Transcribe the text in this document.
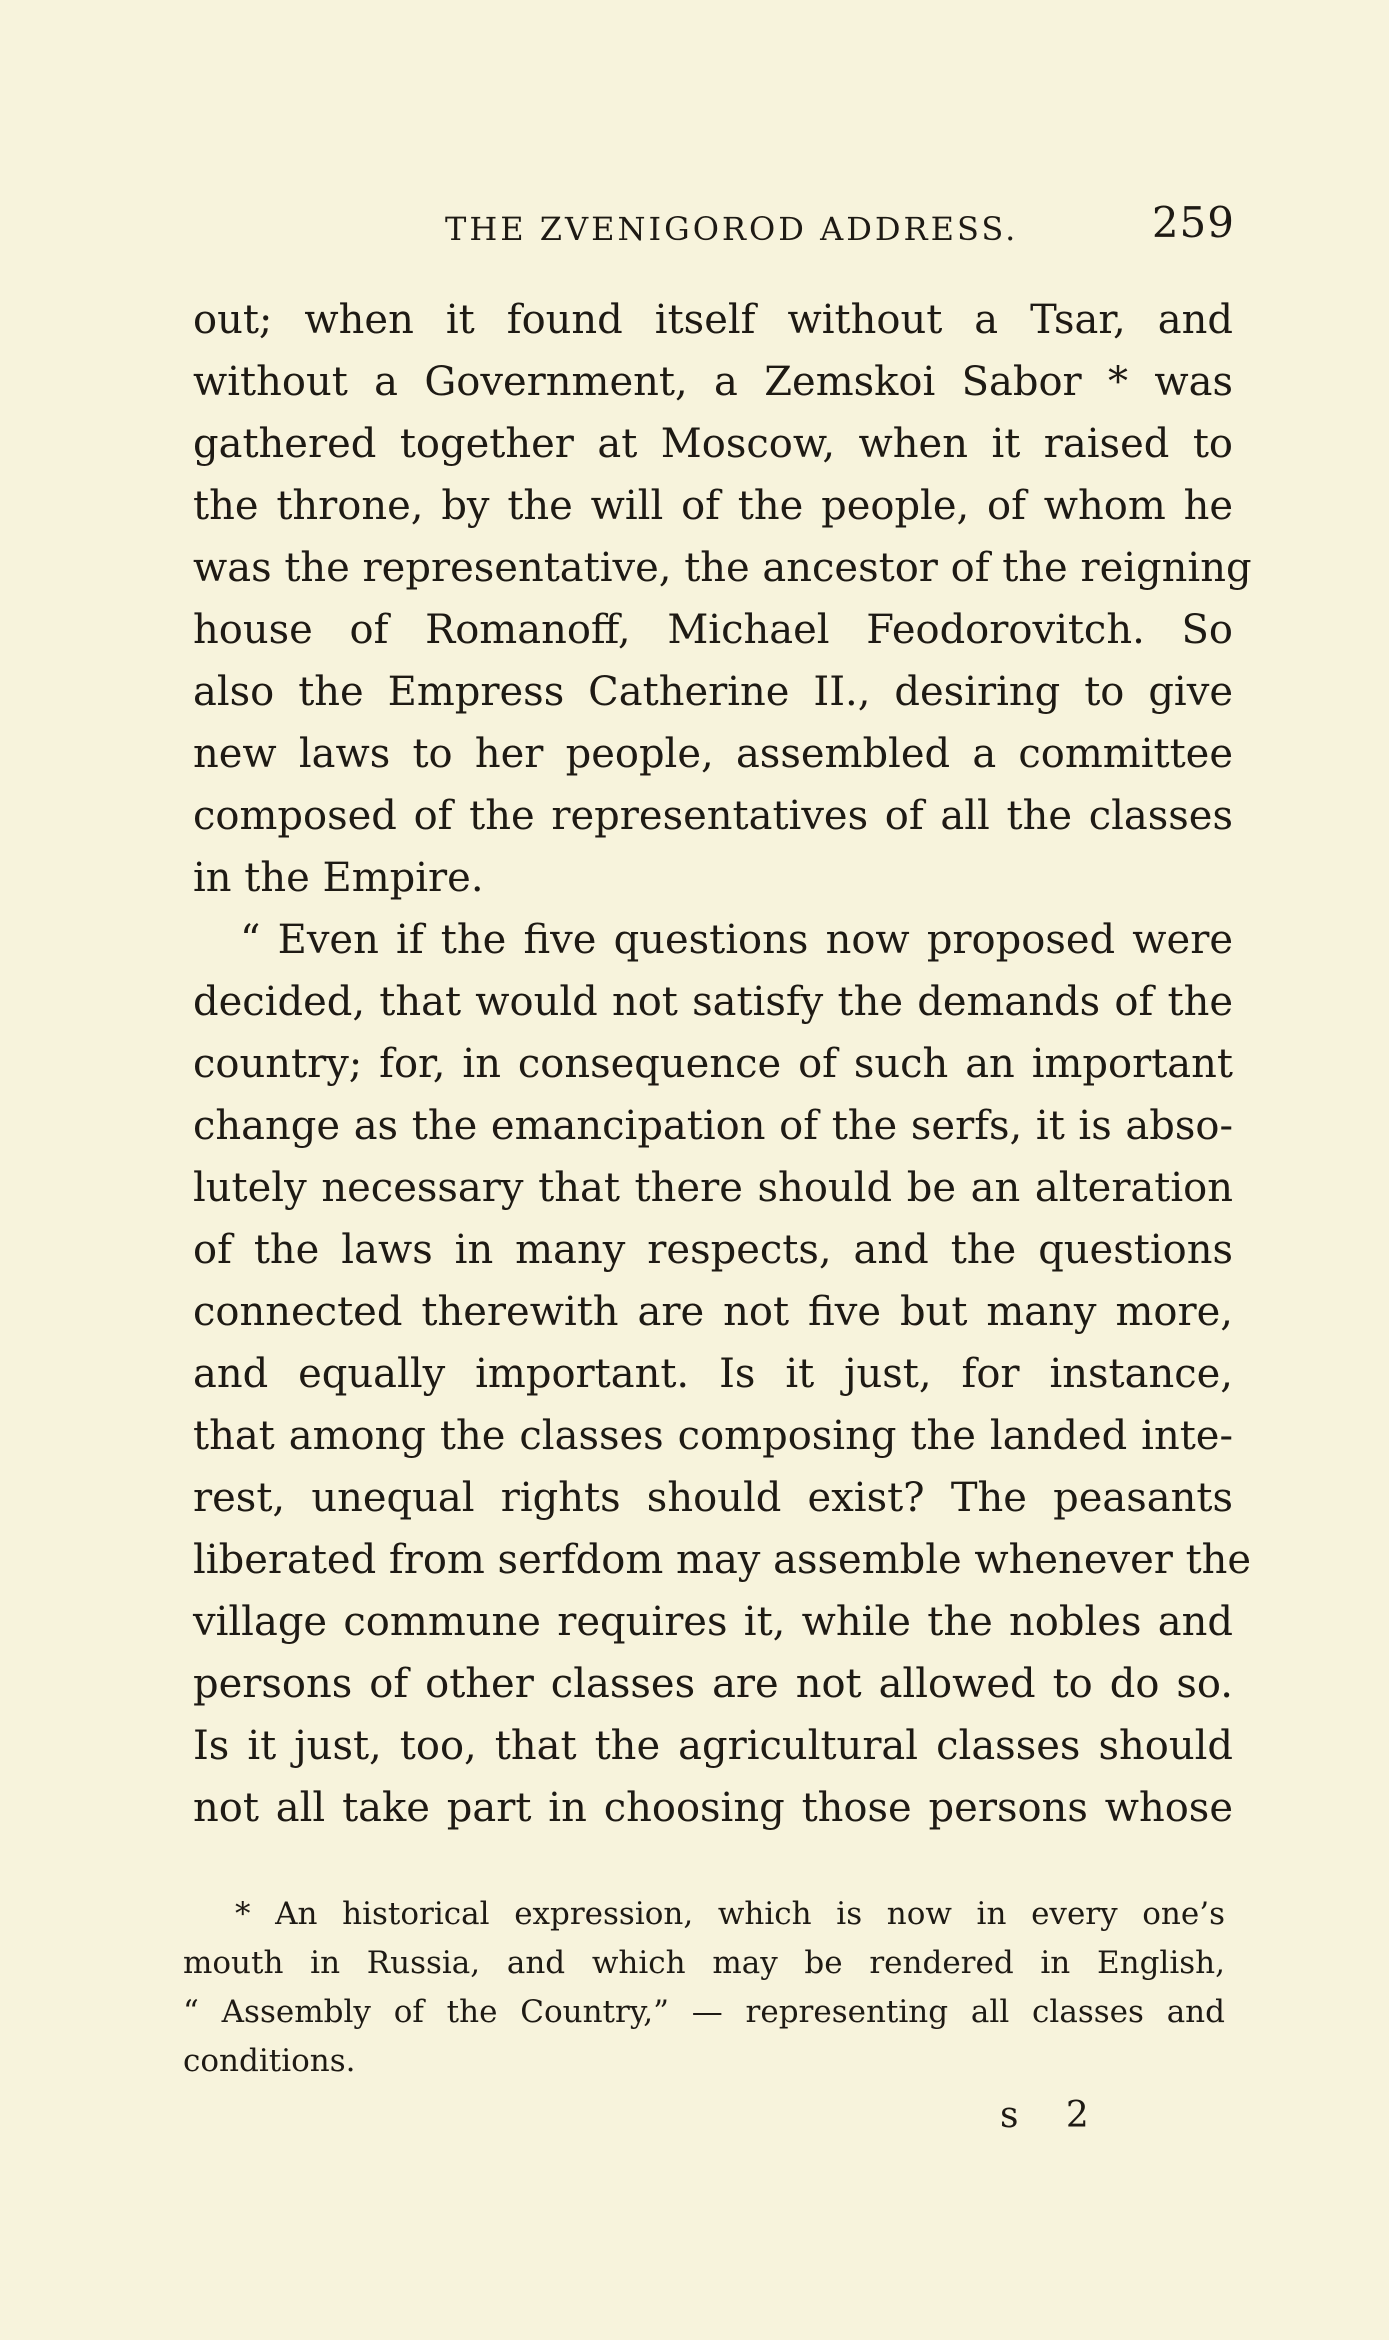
THE ZVENIGOROD ADDRESS.	259
out; when it found itself without a Tsar, and
without a Government, a Zemskoi Sabor * was
gathered together at Moscow, when it raised to
the throne, by the will of the people, of whom he
was the representative, the ancestor of the reigning
house of Romanoff, Michael Feodorovitch. So
also the Empress Catherine II., desiring to give
new laws to her people, assembled a committee
composed of the representatives of all the classes
in the Empire.
“ Even if the five questions now proposed were
decided, that would not satisfy the demands of the
country; for, in consequence of such an important
change as the emancipation of the serfs, it is abso-
lutely necessary that there should be an alteration
of the laws in many respects, and the questions
connected therewith are not five but many more,
and equally important. Is it just, for instance,
that among the classes composing the landed inte-
rest, unequal rights should exist? The peasants
liberated from serfdom may assemble whenever the
village commune requires it, while the nobles and
persons of other classes are not allowed to do so.
Is it just, too, that the agricultural classes should
not all take part in choosing those persons whose
* An historical expression, which is now in every one’s
mouth in Russia, and which may be rendered in English,
“ Assembly of the Country,” — representing all classes and
conditions.
s 2
